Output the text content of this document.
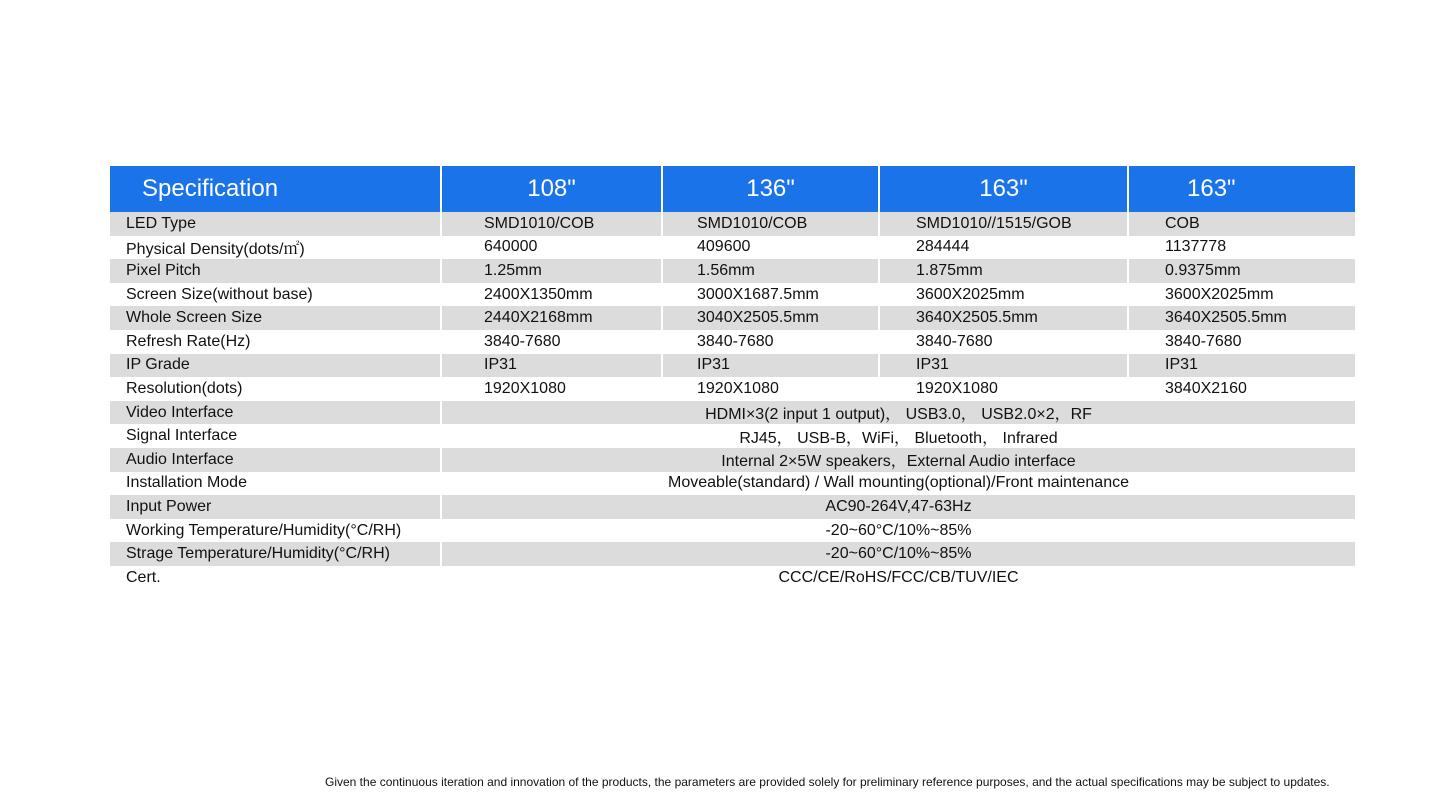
Specification	108"	136"	163"	163"
LED Type	SMD1010/COB	SMD1010/COB	SMD1010//1515/GOB	COB
Physical Density(dots/㎡)	640000	409600	284444	1137778
Pixel Pitch	1.25mm	1.56mm	1.875mm	0.9375mm
Screen Size(without base)	2400X1350mm	3000X1687.5mm	3600X2025mm	3600X2025mm
Whole Screen Size	2440X2168mm	3040X2505.5mm	3640X2505.5mm	3640X2505.5mm
Refresh Rate(Hz)	3840-7680	3840-7680	3840-7680	3840-7680
IP Grade	IP31	IP31	IP31	IP31
Resolution(dots)	1920X1080	1920X1080	1920X1080	3840X2160
Video Interface	HDMI×3(2 input 1 output)， USB3.0， USB2.0×2，RF
Signal Interface	RJ45， USB-B，WiFi， Bluetooth， Infrared
Audio Interface	Internal 2×5W speakers，External Audio interface
Installation Mode	Moveable(standard) / Wall mounting(optional)/Front maintenance
Input Power	AC90-264V,47-63Hz
Working Temperature/Humidity(°C/RH)	-20~60°C/10%~85%
Strage Temperature/Humidity(°C/RH)	-20~60°C/10%~85%
Cert.	CCC/CE/RoHS/FCC/CB/TUV/IEC
Given the continuous iteration and innovation of the products, the parameters are provided solely for preliminary reference purposes, and the actual specifications may be subject to updates.
